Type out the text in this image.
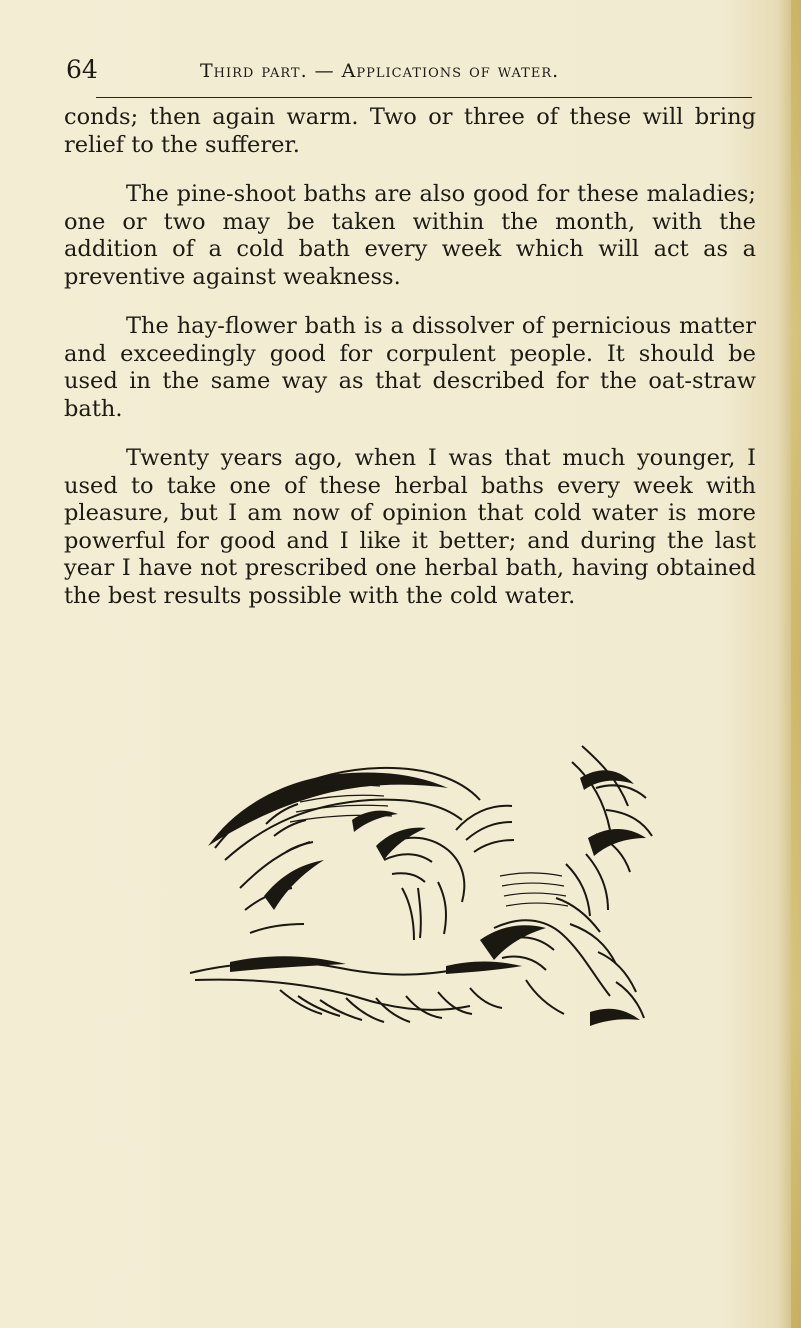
64	Third part. — Applications of water.

conds; then again warm. Two or three of these will bring relief to the sufferer.

The pine-shoot baths are also good for these maladies; one or two may be taken within the month, with the addition of a cold bath every week which will act as a preventive against weakness.

The hay-flower bath is a dissolver of pernicious matter and exceedingly good for corpulent people. It should be used in the same way as that described for the oat-straw bath.

Twenty years ago, when I was that much younger, I used to take one of these herbal baths every week with pleasure, but I am now of opinion that cold water is more powerful for good and I like it better; and during the last year I have not prescribed one herbal bath, having obtained the best results possible with the cold water.
